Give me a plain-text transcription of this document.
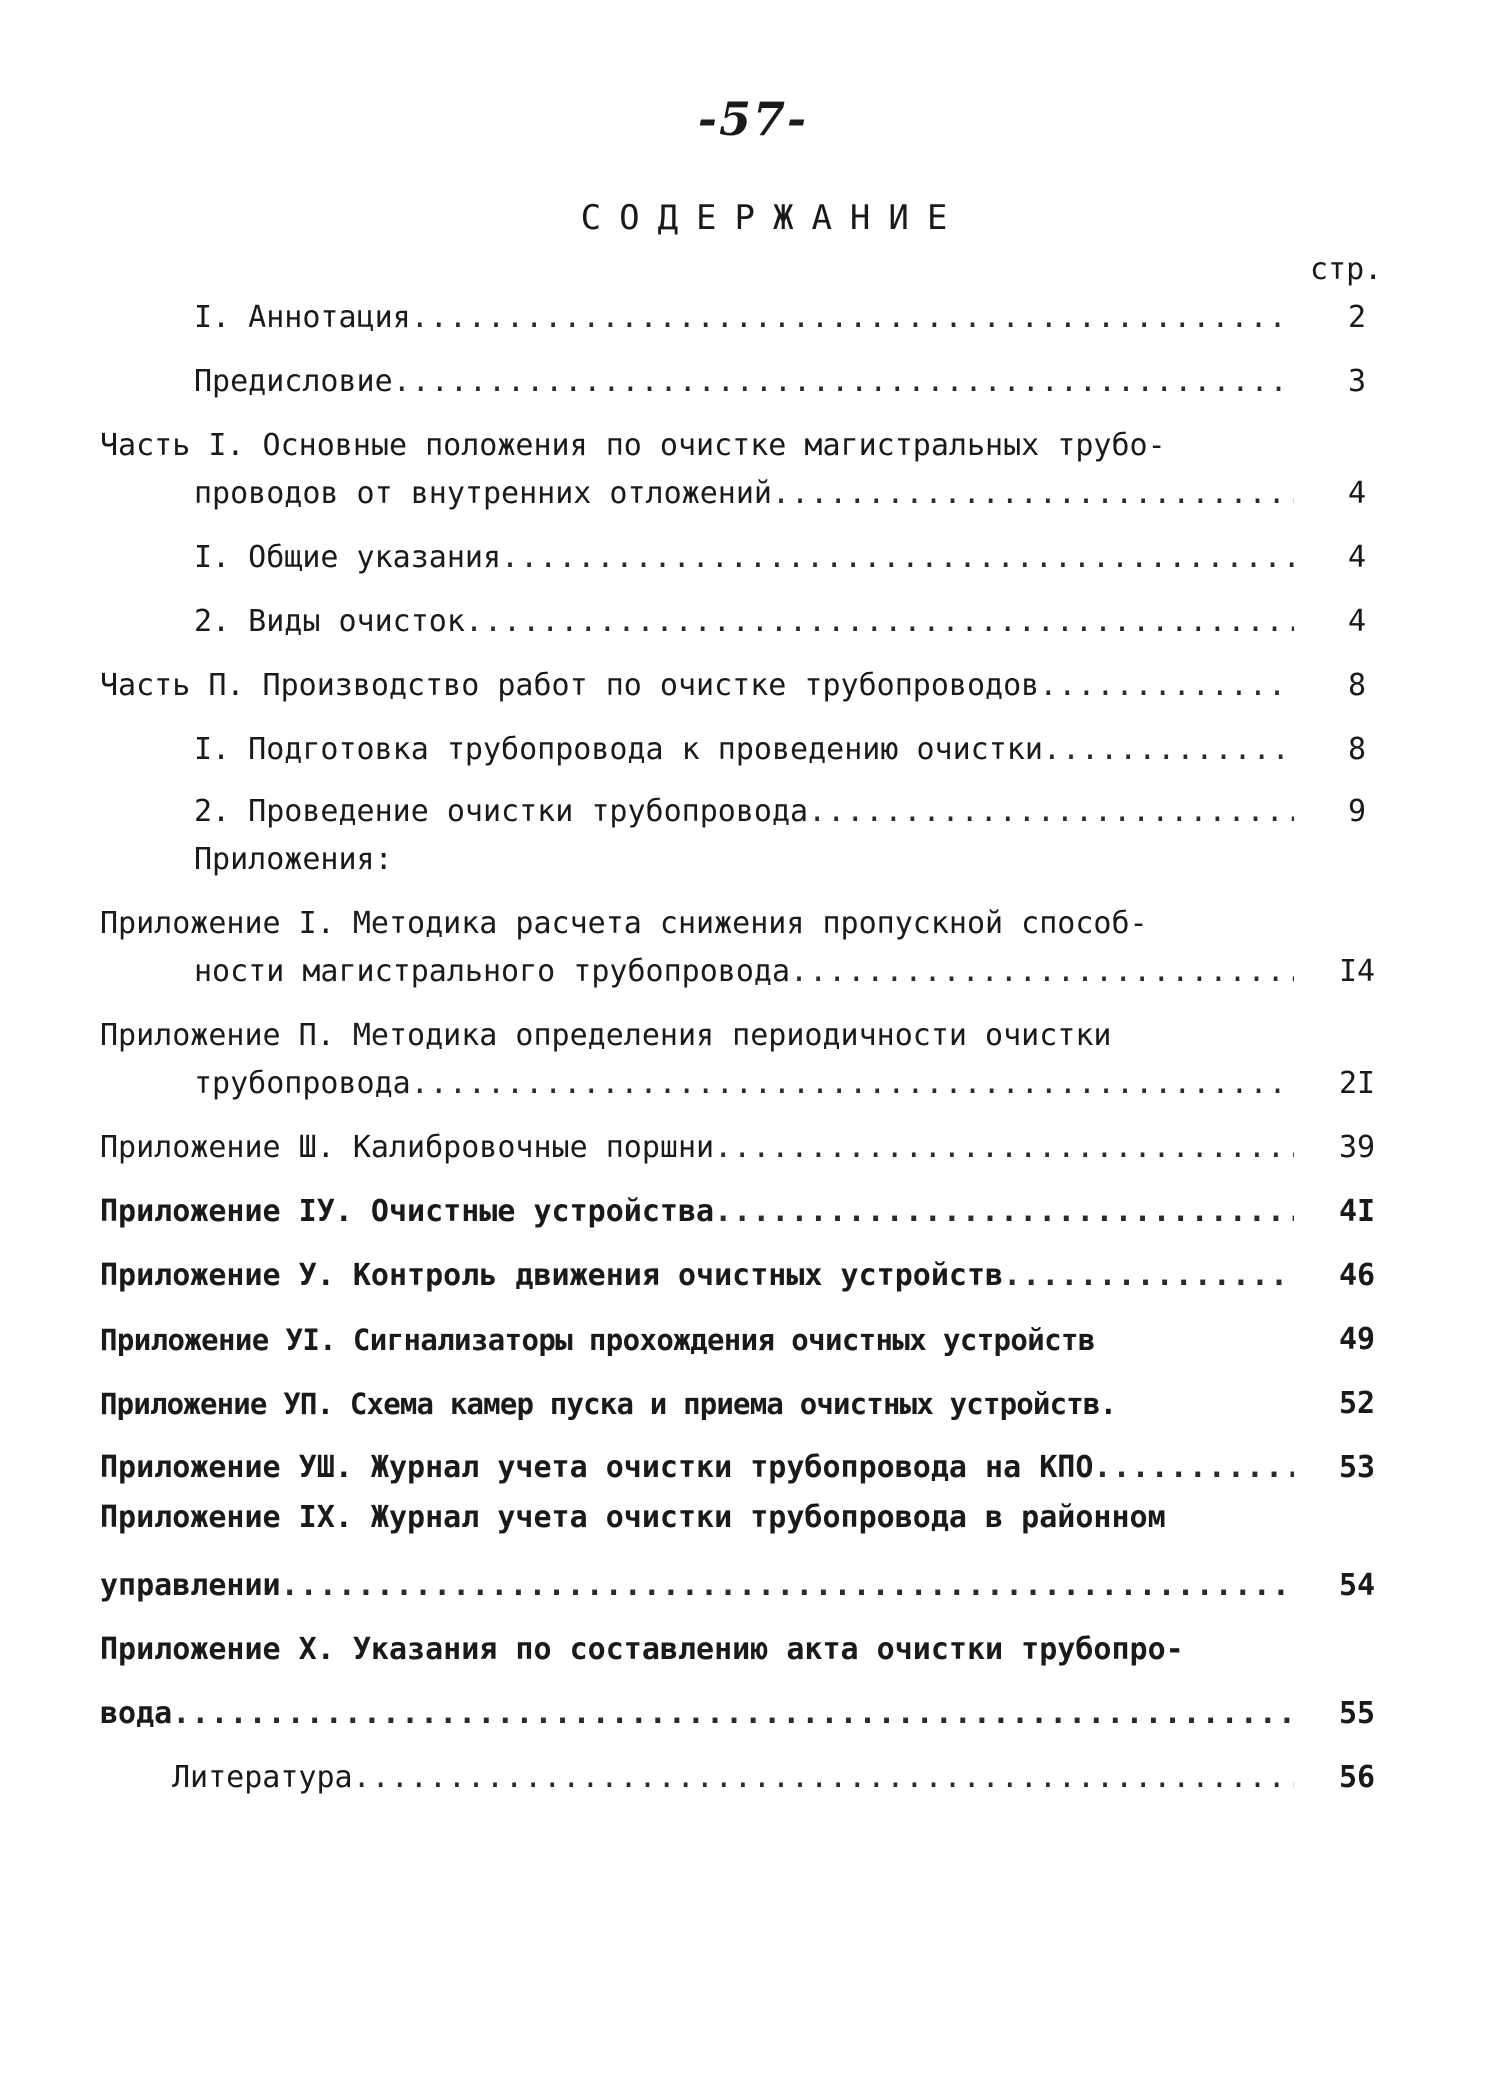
-57-
СОДЕРЖАНИЕ
стр.
I. Аннотация .....	2
Предисловие .....	3
Часть I. Основные положения по очистке магистральных трубо-
проводов от внутренних отложений .....	4
I. Общие указания .....	4
2. Виды очисток .....	4
Часть П. Производство работ по очистке трубопроводов .....	8
I. Подготовка трубопровода к проведению очистки .....	8
2. Проведение очистки трубопровода .....	9
Приложения:
Приложение I. Методика расчета снижения пропускной способ-
ности магистрального трубопровода .....	I4
Приложение П. Методика определения периодичности очистки
трубопровода .....	2I
Приложение Ш. Калибровочные поршни .....	39
Приложение IУ. Очистные устройства .....	4I
Приложение У. Контроль движения очистных устройств .....	46
Приложение УI. Сигнализаторы прохождения очистных устройств	49
Приложение УП. Схема камер пуска и приема очистных устройств.	52
Приложение УШ. Журнал учета очистки трубопровода на КПО .....	53
Приложение IX. Журнал учета очистки трубопровода в районном
управлении .....	54
Приложение X. Указания по составлению акта очистки трубопро-
вода .....	55
Литература .....	56
